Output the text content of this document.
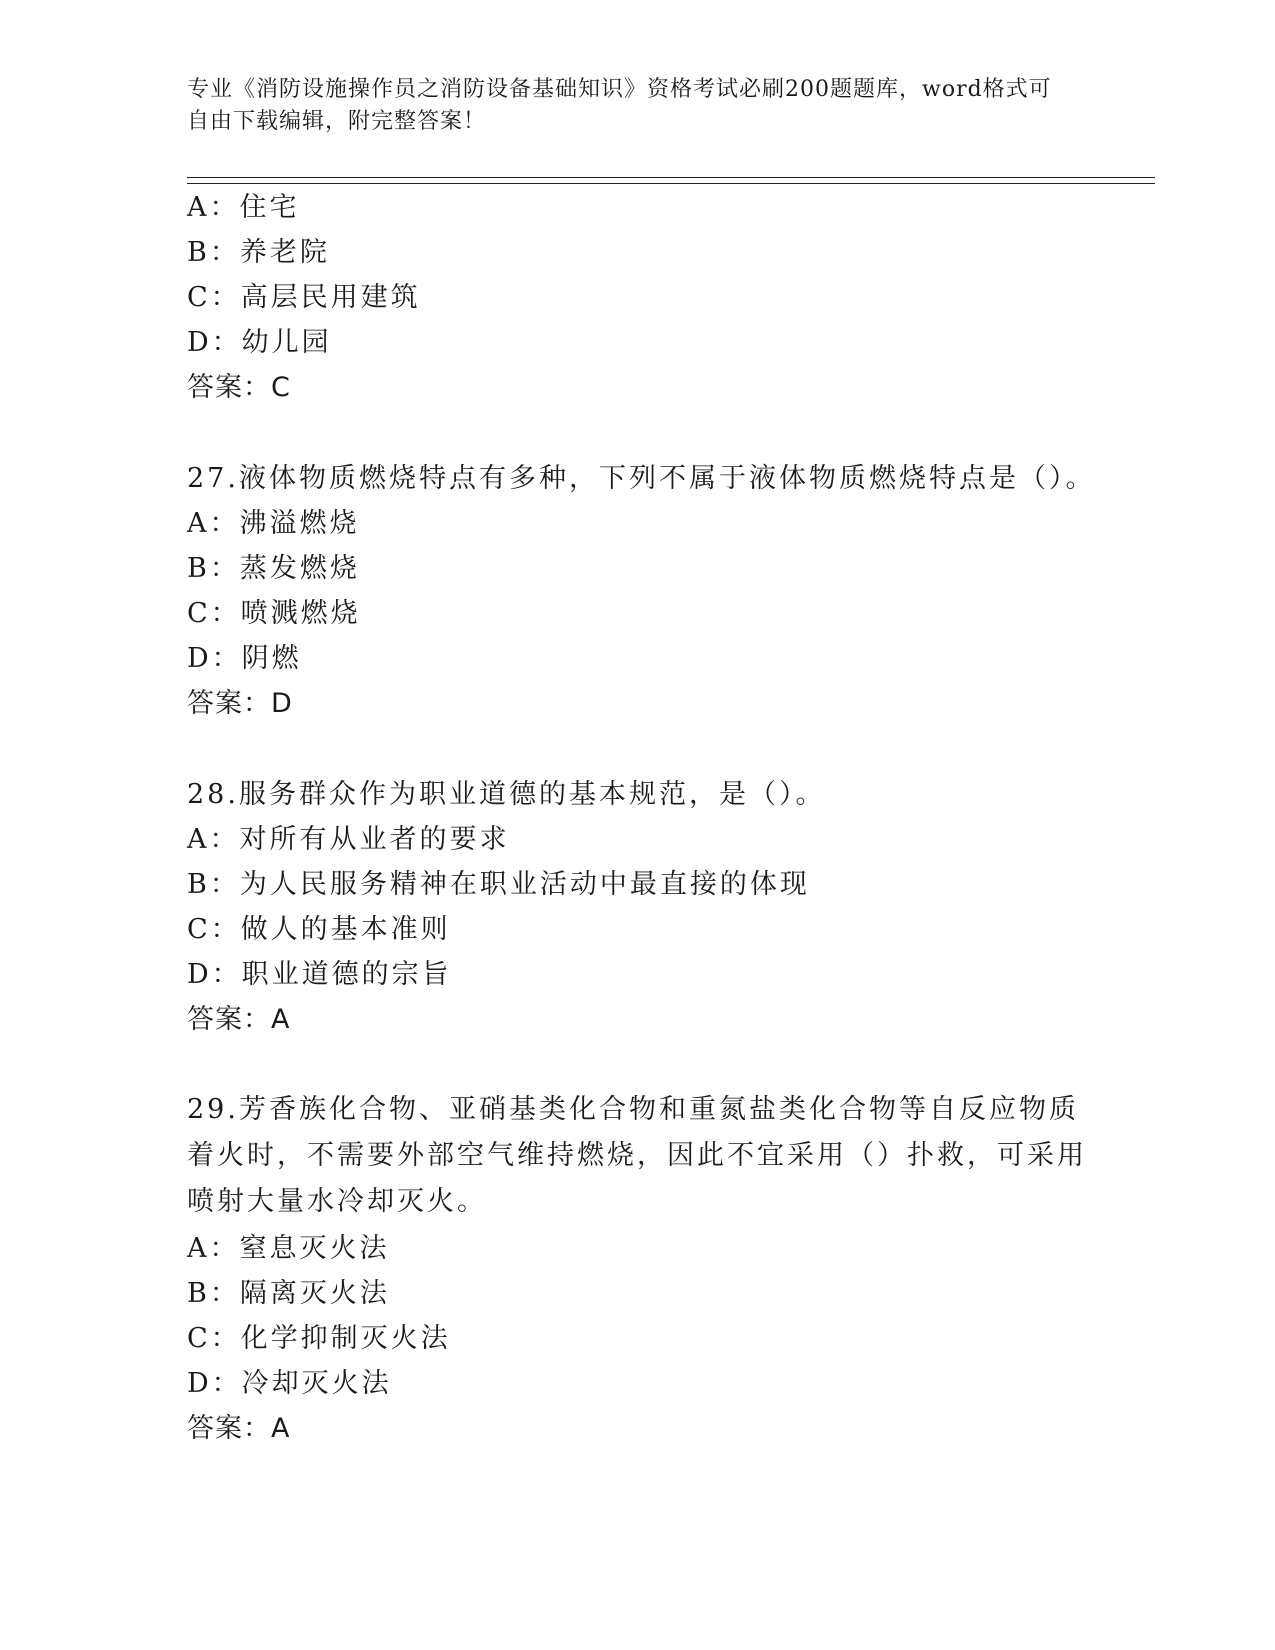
专业《消防设施操作员之消防设备基础知识》资格考试必刷200题题库，word格式可自由下载编辑，附完整答案！
A：住宅
B：养老院
C：高层民用建筑
D：幼儿园
答案：C
27.液体物质燃烧特点有多种，下列不属于液体物质燃烧特点是（）。
A：沸溢燃烧
B：蒸发燃烧
C：喷溅燃烧
D：阴燃
答案：D
28.服务群众作为职业道德的基本规范，是（）。
A：对所有从业者的要求
B：为人民服务精神在职业活动中最直接的体现
C：做人的基本准则
D：职业道德的宗旨
答案：A
29.芳香族化合物、亚硝基类化合物和重氮盐类化合物等自反应物质着火时，不需要外部空气维持燃烧，因此不宜采用（）扑救，可采用喷射大量水冷却灭火。
A：窒息灭火法
B：隔离灭火法
C：化学抑制灭火法
D：冷却灭火法
答案：A
